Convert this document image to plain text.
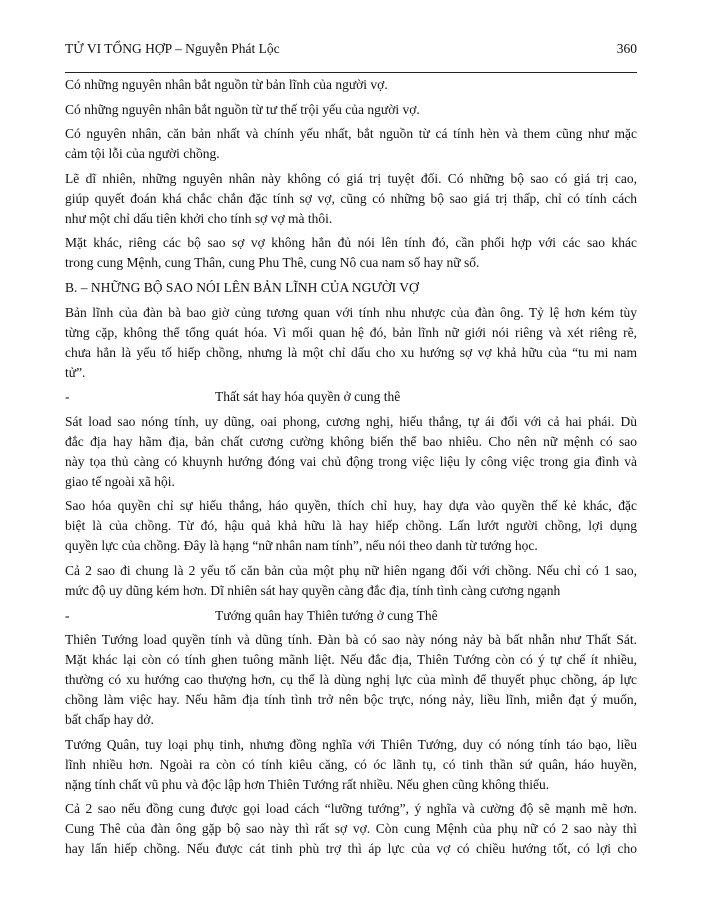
TỬ VI TỔNG HỢP – Nguyễn Phát Lộc	360
Có những nguyên nhân bắt nguồn từ bản lĩnh của người vợ.
Có những nguyên nhân bắt nguồn từ tư thế trội yếu của người vợ.
Có nguyên nhân, căn bản nhất và chính yếu nhất, bắt nguồn từ cá tính hèn và them cũng như mặc
cảm tội lỗi của người chồng.
Lẽ dĩ nhiên, những nguyên nhân này không có giá trị tuyệt đối. Có những bộ sao có giá trị cao,
giúp quyết đoán khá chắc chắn đặc tính sợ vợ, cũng có những bộ sao giá trị thấp, chỉ có tính cách
như một chỉ dấu tiên khởi cho tính sợ vợ mà thôi.
Mặt khác, riêng các bộ sao sợ vợ không hẳn đủ nói lên tính đó, cần phối hợp với các sao khác
trong cung Mệnh, cung Thân, cung Phu Thê, cung Nô cua nam số hay nữ số.
B. – NHỮNG BỘ SAO NÓI LÊN BẢN LĨNH CỦA NGƯỜI VỢ
Bản lĩnh của đàn bà bao giờ củng tương quan với tính nhu nhược của đàn ông. Tỷ lệ hơn kém tùy
từng cặp, không thể tổng quát hóa. Vì mối quan hệ đó, bản lĩnh nữ giới nói riêng và xét riêng rẽ,
chưa hẳn là yếu tố hiếp chồng, nhưng là một chỉ dấu cho xu hướng sợ vợ khả hữu của “tu mi nam
tử”.
-	Thất sát hay hóa quyền ở cung thê
Sát load sao nóng tính, uy dũng, oai phong, cương nghị, hiếu thắng, tự ái đối với cả hai phái. Dù
đắc địa hay hãm địa, bản chất cương cường không biến thể bao nhiêu. Cho nên nữ mệnh có sao
này tọa thủ càng có khuynh hướng đóng vai chủ động trong việc liệu ly công việc trong gia đình và
giao tế ngoài xã hội.
Sao hóa quyền chỉ sự hiếu thắng, háo quyền, thích chỉ huy, hay dựa vào quyền thế kẻ khác, đặc
biệt là của chồng. Từ đó, hậu quả khả hữu là hay hiếp chồng. Lấn lướt người chồng, lợi dụng
quyền lực của chồng. Đây là hạng “nữ nhân nam tính”, nếu nói theo danh từ tướng học.
Cả 2 sao đi chung là 2 yếu tố căn bản của một phụ nữ hiên ngang đối với chồng. Nếu chỉ có 1 sao,
mức độ uy dũng kém hơn. Dĩ nhiên sát hay quyền càng đắc địa, tính tình càng cương ngạnh
-	Tướng quân hay Thiên tướng ở cung Thê
Thiên Tướng load quyền tính và dũng tính. Đàn bà có sao này nóng nảy bà bất nhẫn như Thất Sát.
Mặt khác lại còn có tính ghen tuông mãnh liệt. Nếu đắc địa, Thiên Tướng còn có ý tự chế ít nhiều,
thường có xu hướng cao thượng hơn, cụ thể là dùng nghị lực của mình để thuyết phục chồng, áp lực
chồng làm việc hay. Nếu hãm địa tính tình trở nên bộc trực, nóng nảy, liều lĩnh, miễn đạt ý muốn,
bất chấp hay dở.
Tướng Quân, tuy loại phụ tinh, nhưng đồng nghĩa với Thiên Tướng, duy có nóng tính táo bạo, liều
lĩnh nhiều hơn. Ngoài ra còn có tính kiêu căng, có óc lãnh tụ, có tinh thần sứ quân, háo huyền,
nặng tính chất vũ phu và độc lập hơn Thiên Tướng rất nhiều. Nếu ghen cũng không thiếu.
Cả 2 sao nếu đồng cung được gọi load cách “lưỡng tướng”, ý nghĩa và cường độ sẽ mạnh mẽ hơn.
Cung Thê của đàn ông gặp bộ sao này thì rất sợ vợ. Còn cung Mệnh của phụ nữ có 2 sao này thì
hay lấn hiếp chồng. Nếu được cát tinh phù trợ thì áp lực của vợ có chiều hướng tốt, có lợi cho
